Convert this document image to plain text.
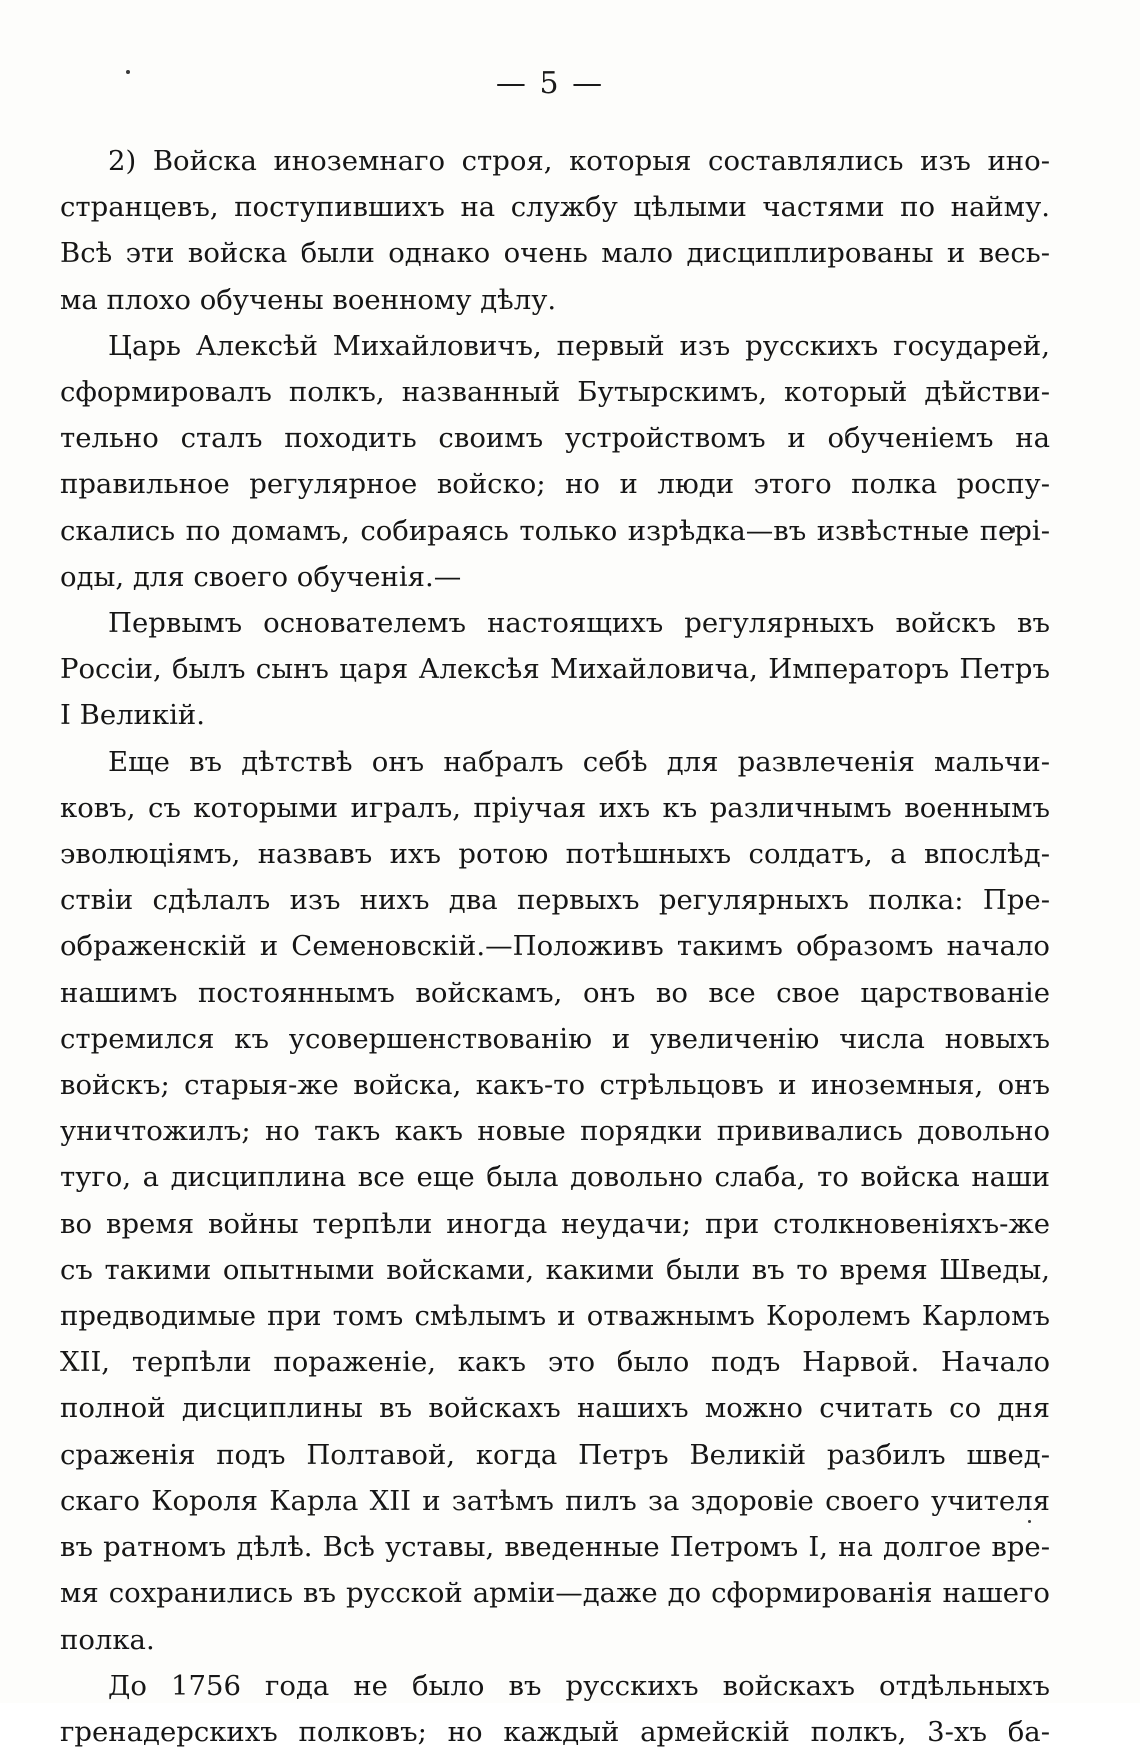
— 5 —
2) Войска иноземнаго строя, которыя составлялись изъ ино-
странцевъ, поступившихъ на службу цѣлыми частями по найму.
Всѣ эти войска были однако очень мало дисциплированы и весь-
ма плохо обучены военному дѣлу.
Царь Алексѣй Михайловичъ, первый изъ русскихъ государей,
сформировалъ полкъ, названный Бутырскимъ, который дѣйстви-
тельно сталъ походить своимъ устройствомъ и обученіемъ на
правильное регулярное войско; но и люди этого полка роспу-
скались по домамъ, собираясь только изрѣдка—въ извѣстные пері-
оды, для своего обученія.—
Первымъ основателемъ настоящихъ регулярныхъ войскъ въ
Россіи, былъ сынъ царя Алексѣя Михайловича, Императоръ Петръ
I Великій.
Еще въ дѣтствѣ онъ набралъ себѣ для развлеченія мальчи-
ковъ, съ которыми игралъ, пріучая ихъ къ различнымъ военнымъ
эволюціямъ, назвавъ ихъ ротою потѣшныхъ солдатъ, а впослѣд-
ствіи сдѣлалъ изъ нихъ два первыхъ регулярныхъ полка: Пре-
ображенскій и Семеновскій.—Положивъ такимъ образомъ начало
нашимъ постояннымъ войскамъ, онъ во все свое царствованіе
стремился къ усовершенствованію и увеличенію числа новыхъ
войскъ; старыя-же войска, какъ-то стрѣльцовъ и иноземныя, онъ
уничтожилъ; но такъ какъ новые порядки прививались довольно
туго, а дисциплина все еще была довольно слаба, то войска наши
во время войны терпѣли иногда неудачи; при столкновеніяхъ-же
съ такими опытными войсками, какими были въ то время Шведы,
предводимые при томъ смѣлымъ и отважнымъ Королемъ Карломъ
XII, терпѣли пораженіе, какъ это было подъ Нарвой. Начало
полной дисциплины въ войскахъ нашихъ можно считать со дня
сраженія подъ Полтавой, когда Петръ Великій разбилъ швед-
скаго Короля Карла XII и затѣмъ пилъ за здоровіе своего учителя
въ ратномъ дѣлѣ. Всѣ уставы, введенные Петромъ I, на долгое вре-
мя сохранились въ русской арміи—даже до сформированія нашего
полка.
До 1756 года не было въ русскихъ войскахъ отдѣльныхъ
гренадерскихъ полковъ; но каждый армейскій полкъ, 3-хъ ба-
